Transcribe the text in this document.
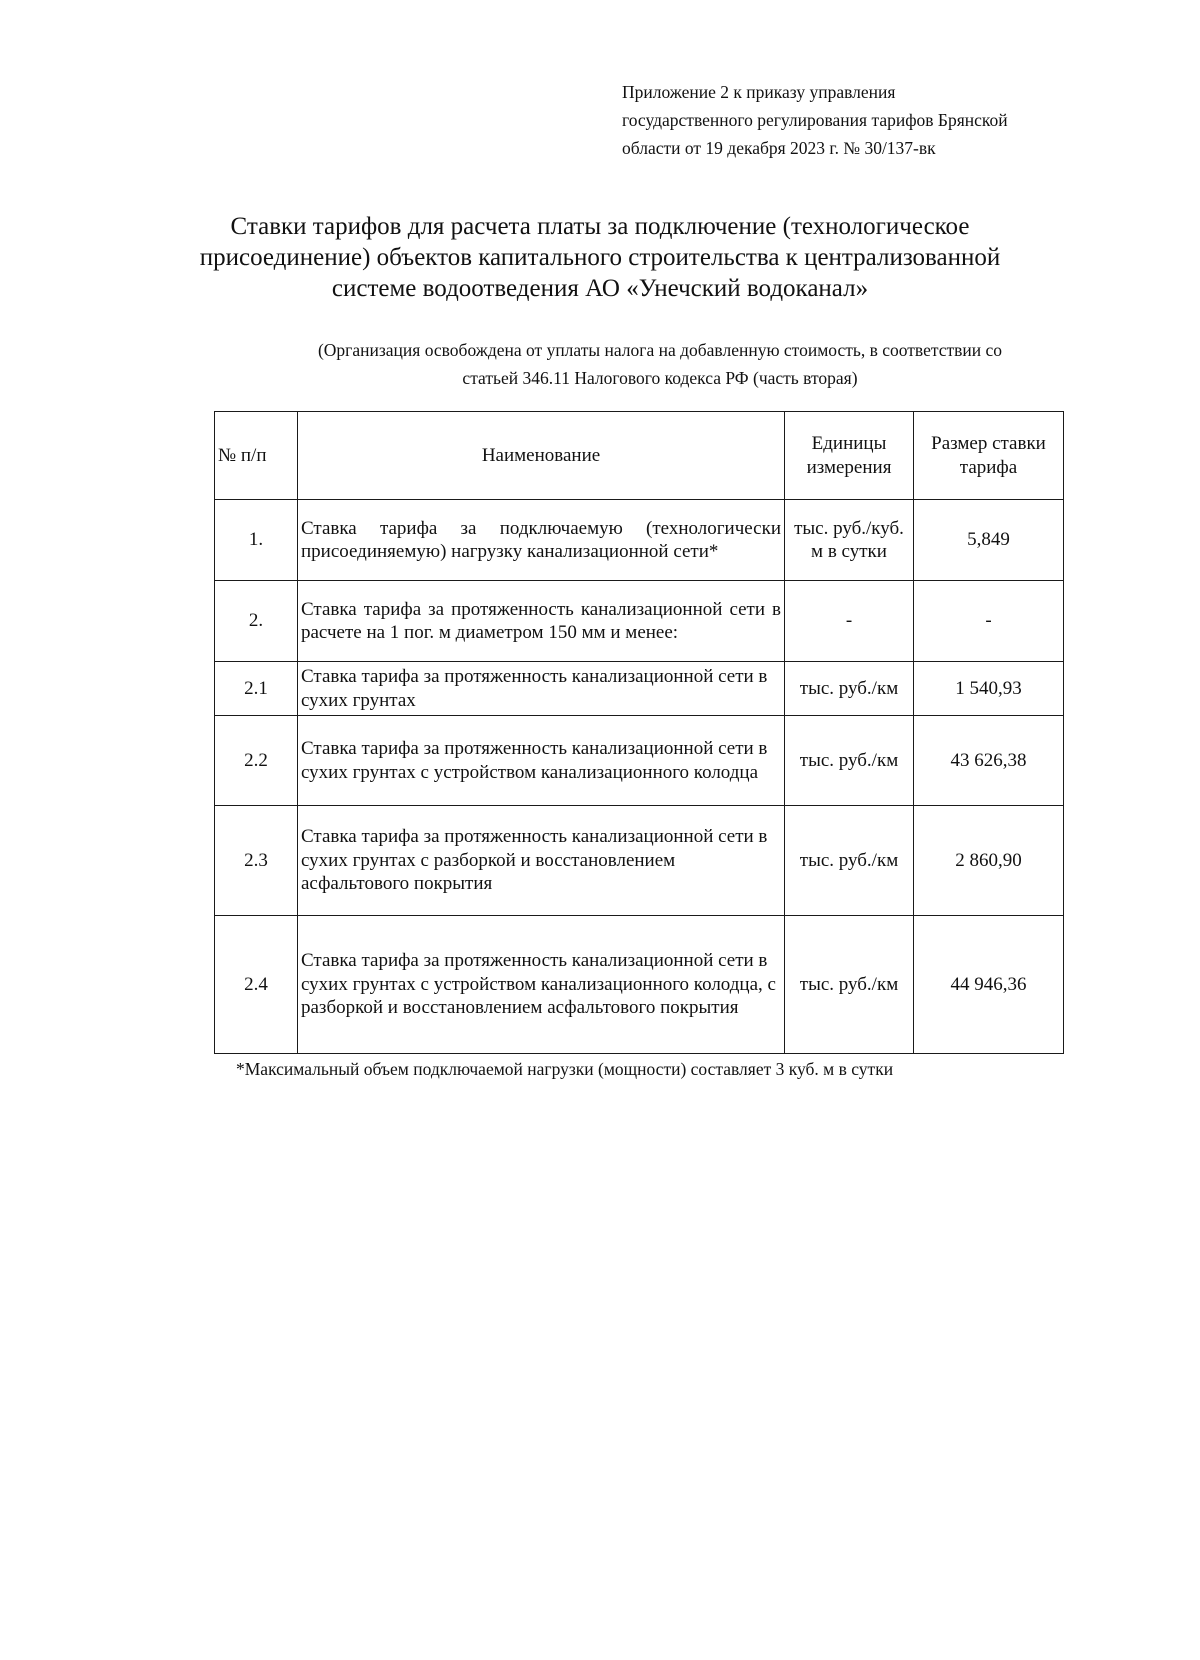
Приложение 2 к приказу управления
государственного регулирования тарифов Брянской
области от 19 декабря 2023 г. № 30/137-вк
Ставки тарифов для расчета платы за подключение (технологическое
присоединение) объектов капитального строительства к централизованной
системе водоотведения АО «Унечский водоканал»
(Организация освобождена от уплаты налога на добавленную стоимость, в соответствии со
статьей 346.11 Налогового кодекса РФ (часть вторая)
№ п/п	Наименование	Единицы измерения	Размер ставки тарифа
1.	Ставка тарифа за подключаемую (технологически присоединяемую) нагрузку канализационной сети*	тыс. руб./куб. м в сутки	5,849
2.	Ставка тарифа за протяженность канализационной сети в расчете на 1 пог. м диаметром 150 мм и менее:	-	-
2.1	Ставка тарифа за протяженность канализационной сети в сухих грунтах	тыс. руб./км	1 540,93
2.2	Ставка тарифа за протяженность канализационной сети в сухих грунтах с устройством канализационного колодца	тыс. руб./км	43 626,38
2.3	Ставка тарифа за протяженность канализационной сети в сухих грунтах с разборкой и восстановлением асфальтового покрытия	тыс. руб./км	2 860,90
2.4	Ставка тарифа за протяженность канализационной сети в сухих грунтах с устройством канализационного колодца, с разборкой и восстановлением асфальтового покрытия	тыс. руб./км	44 946,36
*Максимальный объем подключаемой нагрузки (мощности) составляет 3 куб. м в сутки
